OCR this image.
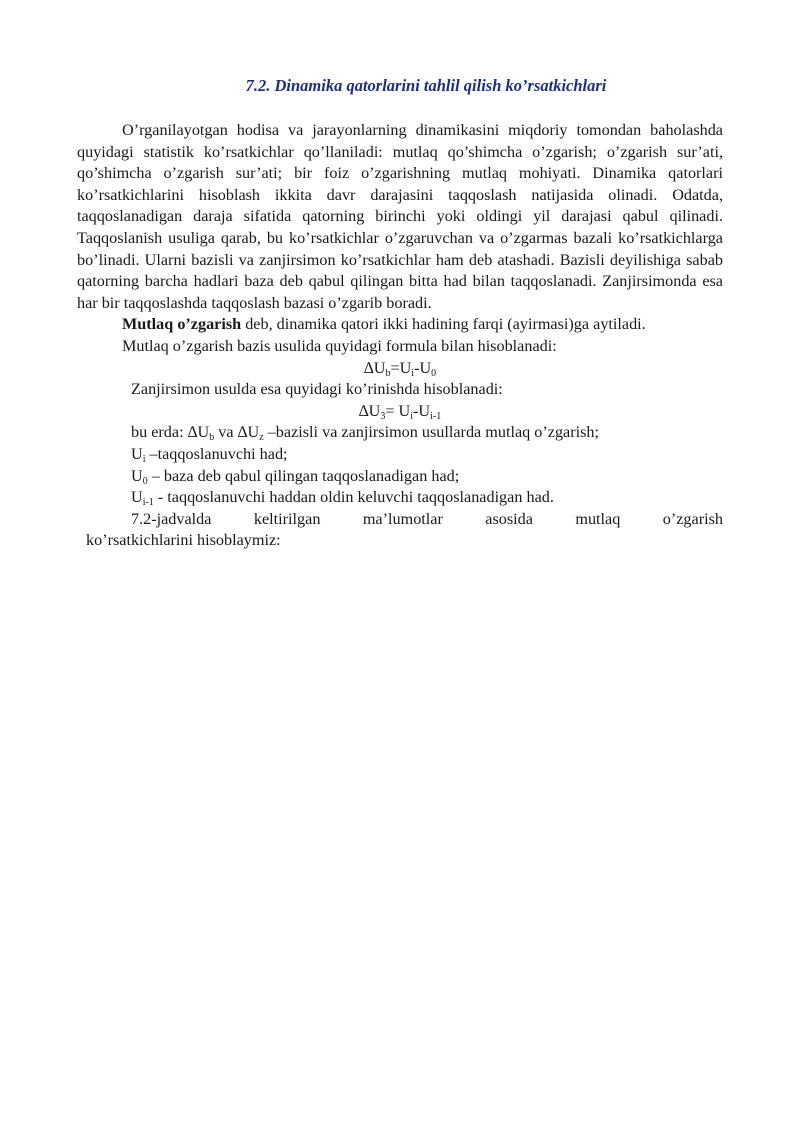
7.2. Dinamika qatorlarini tahlil qilish ko’rsatkichlari

O’rganilayotgan hodisa va jarayonlarning dinamikasini miqdoriy tomondan baholashda quyidagi statistik ko’rsatkichlar qo’llaniladi: mutlaq qo’shimcha o’zgarish; o’zgarish sur’ati, qo’shimcha o’zgarish sur’ati; bir foiz o’zgarishning mutlaq mohiyati. Dinamika qatorlari ko’rsatkichlarini hisoblash ikkita davr darajasini taqqoslash natijasida olinadi. Odatda, taqqoslanadigan daraja sifatida qatorning birinchi yoki oldingi yil darajasi qabul qilinadi. Taqqoslanish usuliga qarab, bu ko’rsatkichlar o’zgaruvchan va o’zgarmas bazali ko’rsatkichlarga bo’linadi. Ularni bazisli va zanjirsimon ko’rsatkichlar ham deb atashadi. Bazisli deyilishiga sabab qatorning barcha hadlari baza deb qabul qilingan bitta had bilan taqqoslanadi. Zanjirsimonda esa har bir taqqoslashda taqqoslash bazasi o’zgarib boradi.

Mutlaq o’zgarish deb, dinamika qatori ikki hadining farqi (ayirmasi)ga aytiladi.

Mutlaq o’zgarish bazis usulida quyidagi formula bilan hisoblanadi:

$\Delta U_b=U_i-U_0$

Zanjirsimon usulda esa quyidagi ko’rinishda hisoblanadi:

$\Delta U_3= U_i-U_{i-1}$

bu erda: $\Delta U_b$ va $\Delta U_z$ –bazisli va zanjirsimon usullarda mutlaq o’zgarish;

$U_i$ –taqqoslanuvchi had;

$U_0$ – baza deb qabul qilingan taqqoslanadigan had;

$U_{i-1}$ - taqqoslanuvchi haddan oldin keluvchi taqqoslanadigan had.

7.2-jadvalda keltirilgan ma’lumotlar asosida mutlaq o’zgarish

ko’rsatkichlarini hisoblaymiz:
